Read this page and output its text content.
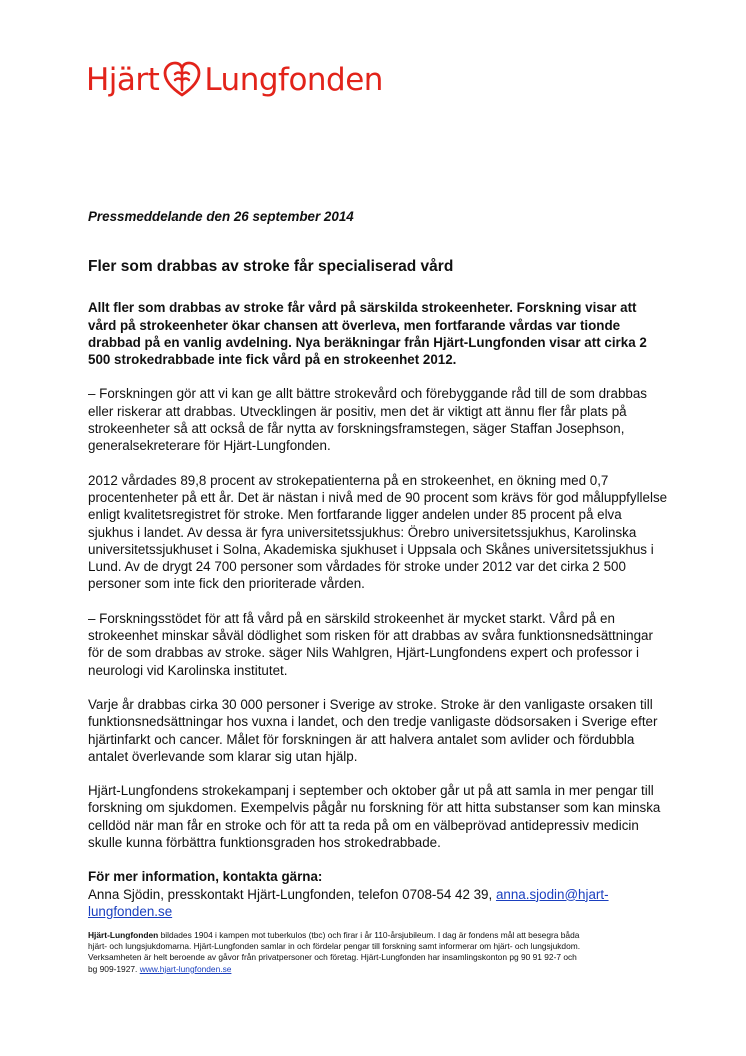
Hjärt Lungfonden

Pressmeddelande den 26 september 2014

Fler som drabbas av stroke får specialiserad vård

Allt fler som drabbas av stroke får vård på särskilda strokeenheter. Forskning visar att vård på strokeenheter ökar chansen att överleva, men fortfarande vårdas var tionde drabbad på en vanlig avdelning. Nya beräkningar från Hjärt-Lungfonden visar att cirka 2 500 strokedrabbade inte fick vård på en strokeenhet 2012.

– Forskningen gör att vi kan ge allt bättre strokevård och förebyggande råd till de som drabbas eller riskerar att drabbas. Utvecklingen är positiv, men det är viktigt att ännu fler får plats på strokeenheter så att också de får nytta av forskningsframstegen, säger Staffan Josephson, generalsekreterare för Hjärt-Lungfonden.

2012 vårdades 89,8 procent av strokepatienterna på en strokeenhet, en ökning med 0,7 procentenheter på ett år. Det är nästan i nivå med de 90 procent som krävs för god måluppfyllelse enligt kvalitetsregistret för stroke. Men fortfarande ligger andelen under 85 procent på elva sjukhus i landet. Av dessa är fyra universitetssjukhus: Örebro universitetssjukhus, Karolinska universitetssjukhuset i Solna, Akademiska sjukhuset i Uppsala och Skånes universitetssjukhus i Lund. Av de drygt 24 700 personer som vårdades för stroke under 2012 var det cirka 2 500 personer som inte fick den prioriterade vården.

– Forskningsstödet för att få vård på en särskild strokeenhet är mycket starkt. Vård på en strokeenhet minskar såväl dödlighet som risken för att drabbas av svåra funktionsnedsättningar för de som drabbas av stroke. säger Nils Wahlgren, Hjärt-Lungfondens expert och professor i neurologi vid Karolinska institutet.

Varje år drabbas cirka 30 000 personer i Sverige av stroke. Stroke är den vanligaste orsaken till funktionsnedsättningar hos vuxna i landet, och den tredje vanligaste dödsorsaken i Sverige efter hjärtinfarkt och cancer. Målet för forskningen är att halvera antalet som avlider och fördubbla antalet överlevande som klarar sig utan hjälp.

Hjärt-Lungfondens strokekampanj i september och oktober går ut på att samla in mer pengar till forskning om sjukdomen. Exempelvis pågår nu forskning för att hitta substanser som kan minska celldöd när man får en stroke och för att ta reda på om en välbeprövad antidepressiv medicin skulle kunna förbättra funktionsgraden hos strokedrabbade.

För mer information, kontakta gärna:

Anna Sjödin, presskontakt Hjärt-Lungfonden, telefon 0708-54 42 39, anna.sjodin@hjart-lungfonden.se

Hjärt-Lungfonden bildades 1904 i kampen mot tuberkulos (tbc) och firar i år 110-årsjubileum. I dag är fondens mål att besegra båda hjärt- och lungsjukdomarna. Hjärt-Lungfonden samlar in och fördelar pengar till forskning samt informerar om hjärt- och lungsjukdom. Verksamheten är helt beroende av gåvor från privatpersoner och företag. Hjärt-Lungfonden har insamlingskonton pg 90 91 92-7 och bg 909-1927. www.hjart-lungfonden.se
